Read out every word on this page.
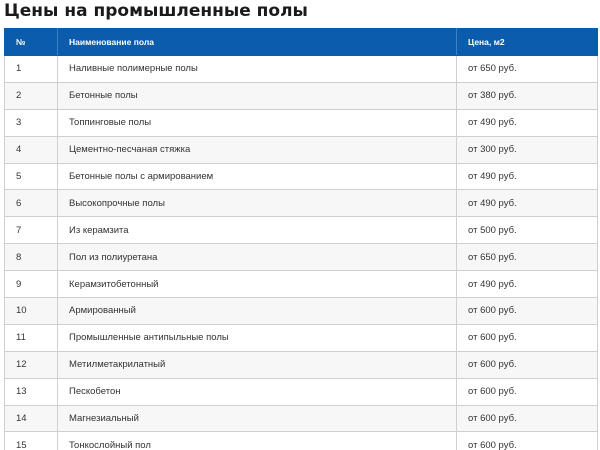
Цены на промышленные полы
№	Наименование пола	Цена, м2
1	Наливные полимерные полы	от 650 руб.
2	Бетонные полы	от 380 руб.
3	Топпинговые полы	от 490 руб.
4	Цементно-песчаная стяжка	от 300 руб.
5	Бетонные полы с армированием	от 490 руб.
6	Высокопрочные полы	от 490 руб.
7	Из керамзита	от 500 руб.
8	Пол из полиуретана	от 650 руб.
9	Керамзитобетонный	от 490 руб.
10	Армированный	от 600 руб.
11	Промышленные антипыльные полы	от 600 руб.
12	Метилметакрилатный	от 600 руб.
13	Пескобетон	от 600 руб.
14	Магнезиальный	от 600 руб.
15	Тонкослойный пол	от 600 руб.
